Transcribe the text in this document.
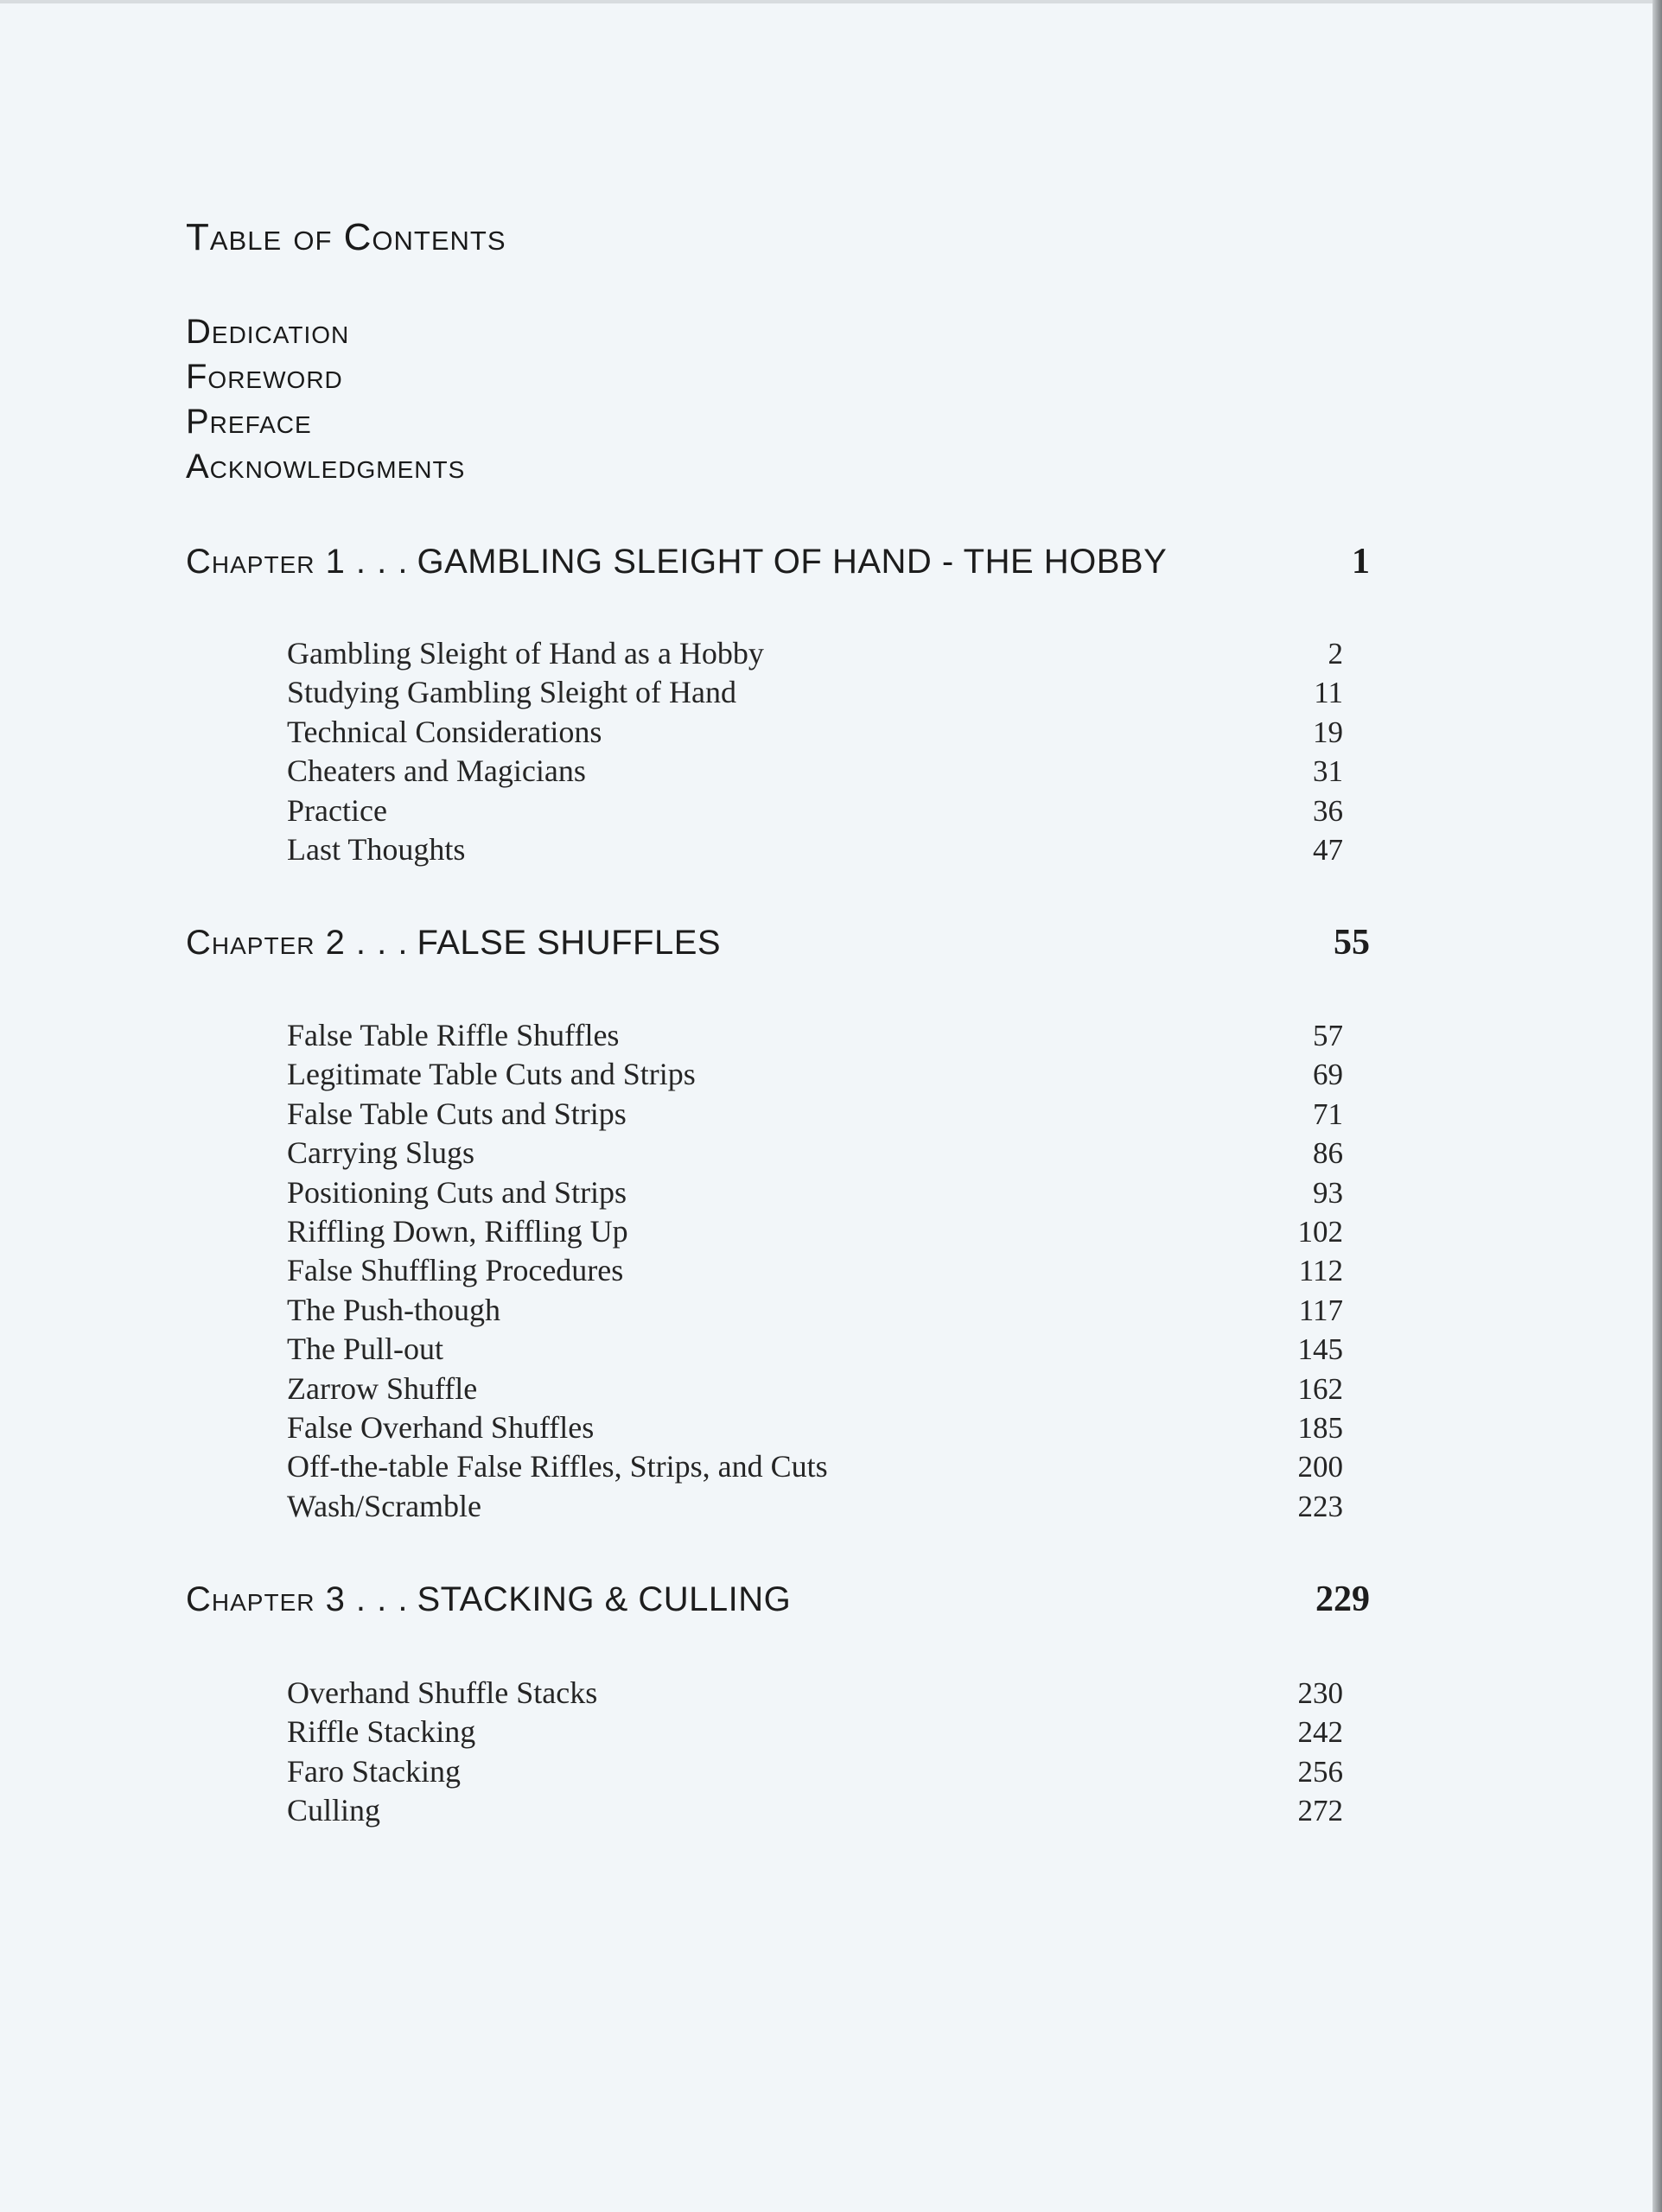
Table of Contents
Dedication
Foreword
Preface
Acknowledgments
Chapter 1 . . . GAMBLING SLEIGHT OF HAND - THE HOBBY	1
Gambling Sleight of Hand as a Hobby	2
Studying Gambling Sleight of Hand	11
Technical Considerations	19
Cheaters and Magicians	31
Practice	36
Last Thoughts	47
Chapter 2 . . . FALSE SHUFFLES	55
False Table Riffle Shuffles	57
Legitimate Table Cuts and Strips	69
False Table Cuts and Strips	71
Carrying Slugs	86
Positioning Cuts and Strips	93
Riffling Down, Riffling Up	102
False Shuffling Procedures	112
The Push-though	117
The Pull-out	145
Zarrow Shuffle	162
False Overhand Shuffles	185
Off-the-table False Riffles, Strips, and Cuts	200
Wash/Scramble	223
Chapter 3 . . . STACKING & CULLING	229
Overhand Shuffle Stacks	230
Riffle Stacking	242
Faro Stacking	256
Culling	272
